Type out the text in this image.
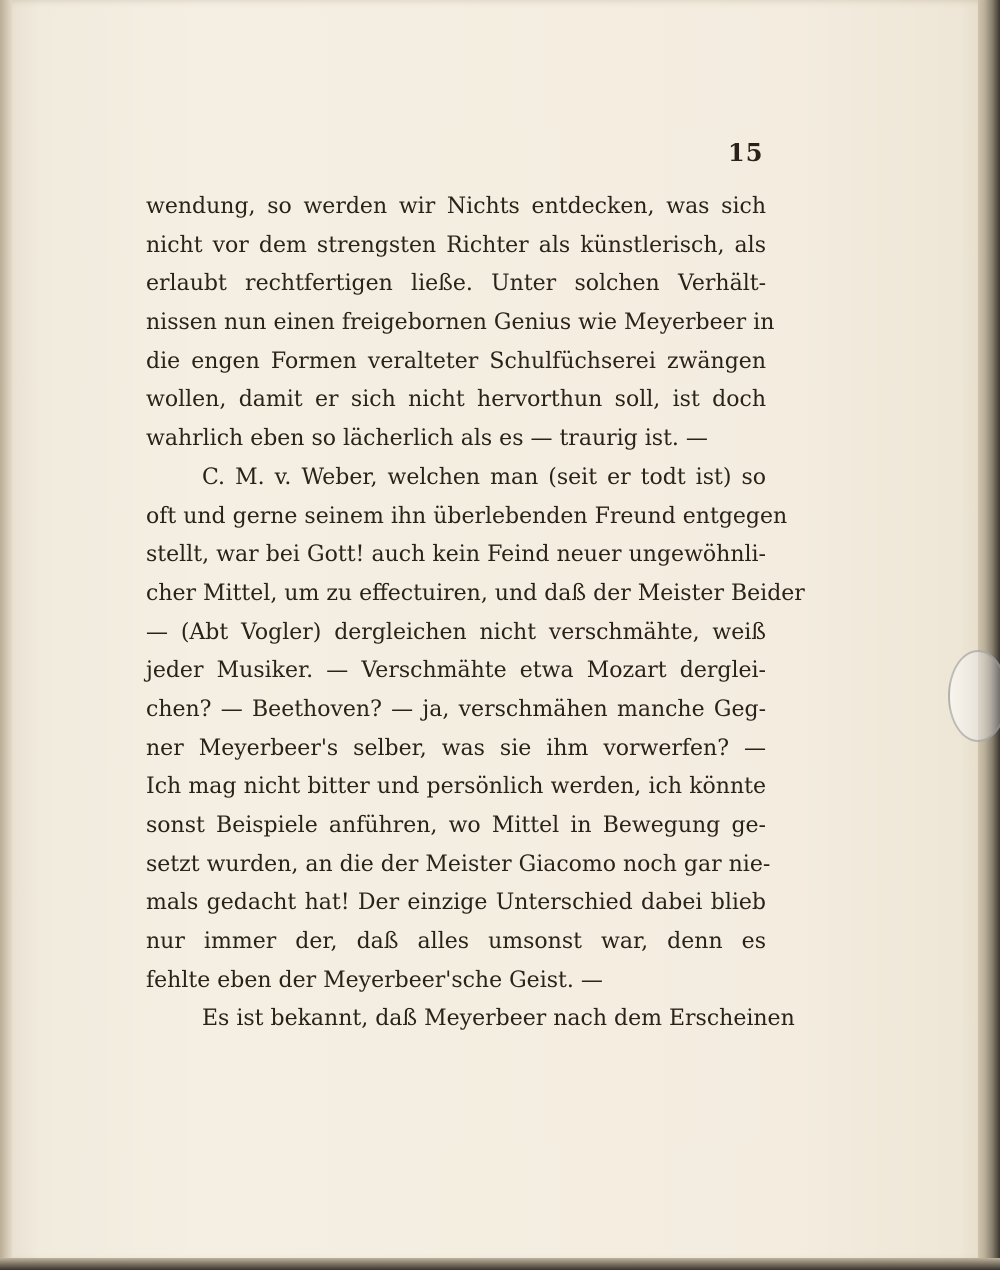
15
wendung, so werden wir Nichts entdecken, was sich
nicht vor dem strengsten Richter als künstlerisch, als
erlaubt rechtfertigen ließe. Unter solchen Verhält-
nissen nun einen freigebornen Genius wie Meyerbeer in
die engen Formen veralteter Schulfüchserei zwängen
wollen, damit er sich nicht hervorthun soll, ist doch
wahrlich eben so lächerlich als es — traurig ist. —
C. M. v. Weber, welchen man (seit er todt ist) so
oft und gerne seinem ihn überlebenden Freund entgegen
stellt, war bei Gott! auch kein Feind neuer ungewöhnli-
cher Mittel, um zu effectuiren, und daß der Meister Beider
— (Abt Vogler) dergleichen nicht verschmähte, weiß
jeder Musiker. — Verschmähte etwa Mozart derglei-
chen? — Beethoven? — ja, verschmähen manche Geg-
ner Meyerbeer's selber, was sie ihm vorwerfen? —
Ich mag nicht bitter und persönlich werden, ich könnte
sonst Beispiele anführen, wo Mittel in Bewegung ge-
setzt wurden, an die der Meister Giacomo noch gar nie-
mals gedacht hat! Der einzige Unterschied dabei blieb
nur immer der, daß alles umsonst war, denn es
fehlte eben der Meyerbeer'sche Geist. —
Es ist bekannt, daß Meyerbeer nach dem Erscheinen
